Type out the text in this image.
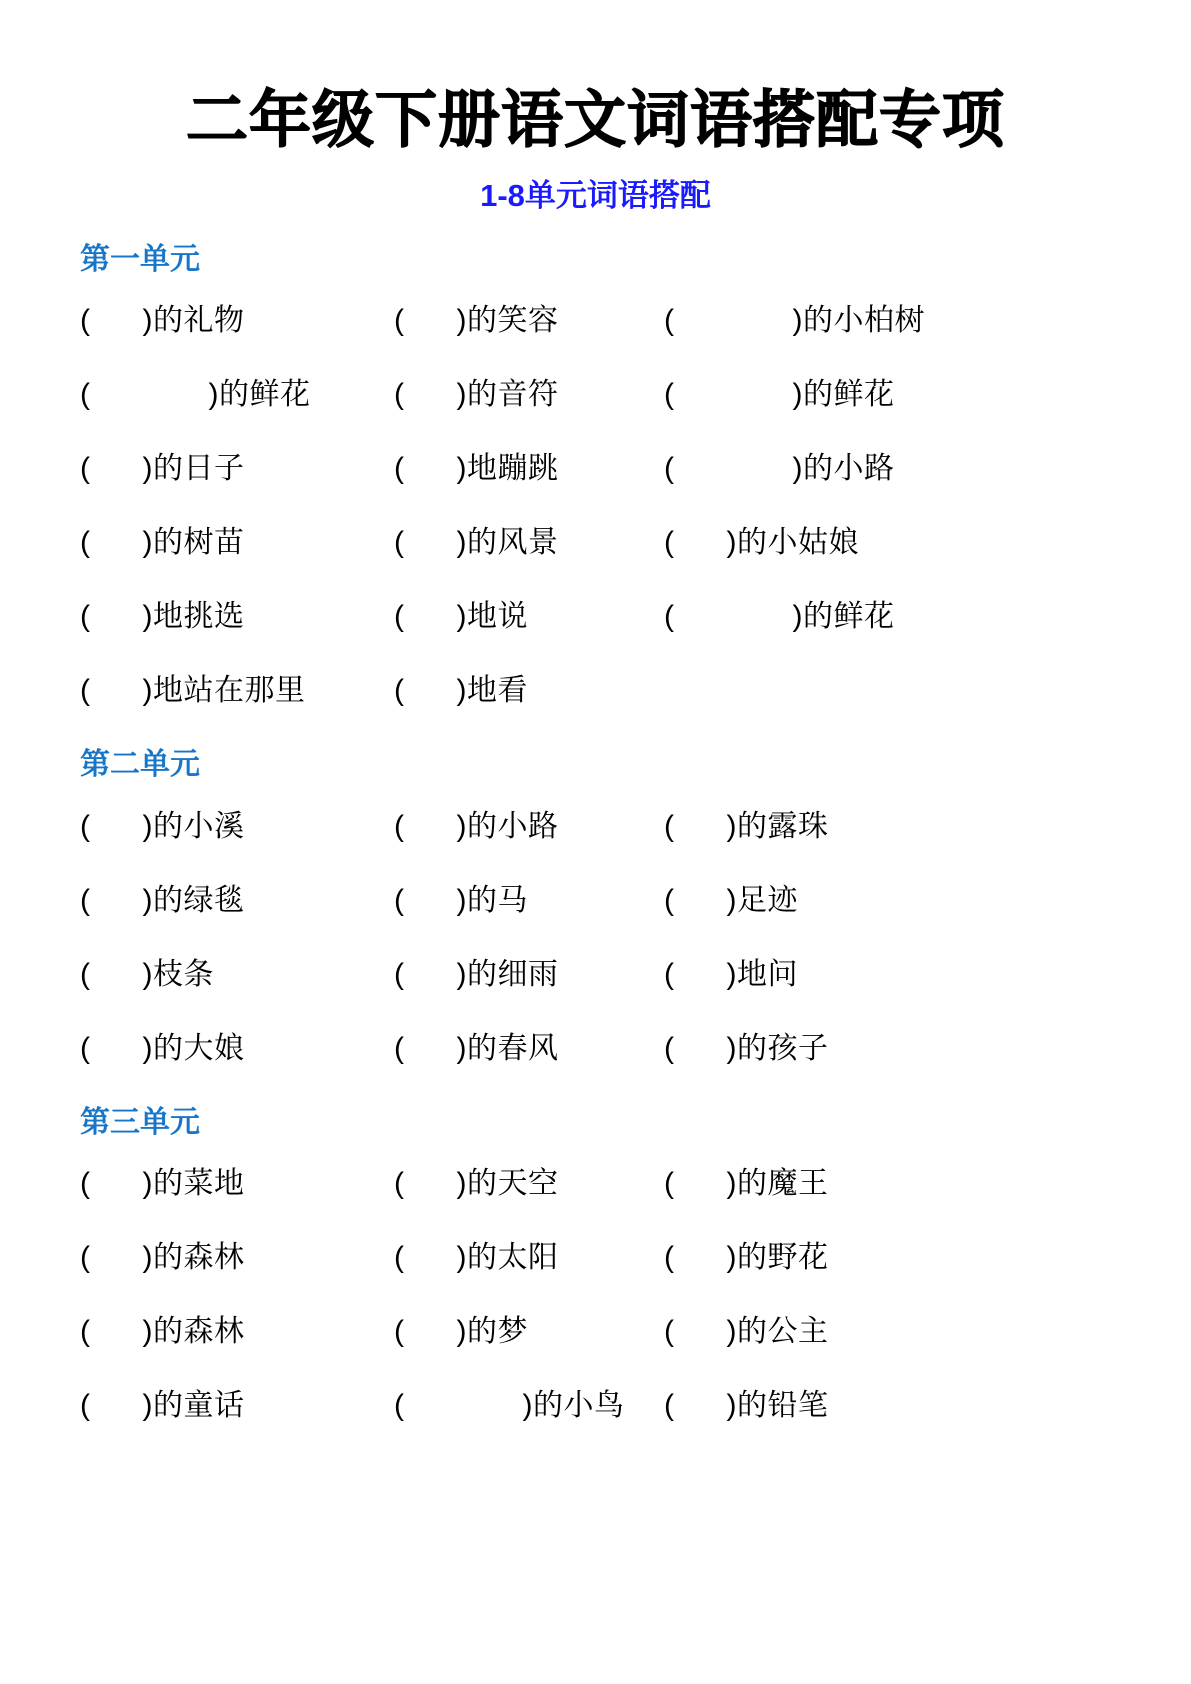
二年级下册语文词语搭配专项
1-8单元词语搭配
第一单元
( )的礼物	( )的笑容	(	)的小柏树
(	)的鲜花	( )的音符	(	)的鲜花
( )的日子	( )地蹦跳	(	)的小路
( )的树苗	( )的风景	( )的小姑娘
( )地挑选	( )地说	(	)的鲜花
( )地站在那里	( )地看
第二单元
( )的小溪	( )的小路	( )的露珠
( )的绿毯	( )的马	( )足迹
( )枝条	( )的细雨	( )地问
( )的大娘	( )的春风	( )的孩子
第三单元
( )的菜地	( )的天空	( )的魔王
( )的森林	( )的太阳	( )的野花
( )的森林	( )的梦	( )的公主
( )的童话	(	)的小鸟	( )的铅笔
